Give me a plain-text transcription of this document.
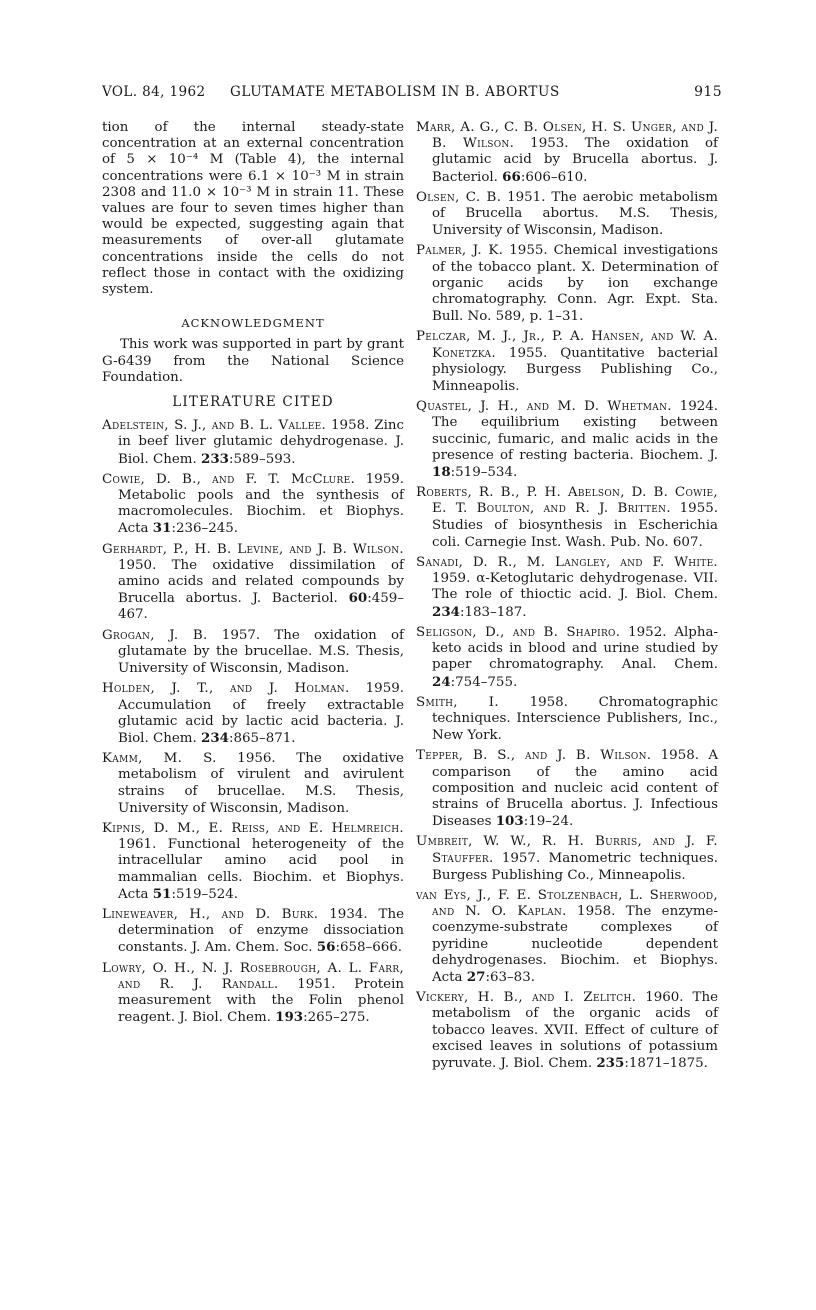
VOL. 84, 1962 GLUTAMATE METABOLISM IN B. ABORTUS	915

tion of the internal steady-state concentration at an external concentration of 5 × 10⁻⁴ M (Table 4), the internal concentrations were 6.1 × 10⁻³ M in strain 2308 and 11.0 × 10⁻³ M in strain 11. These values are four to seven times higher than would be expected, suggesting again that measurements of over-all glutamate concentrations inside the cells do not reflect those in contact with the oxidizing system.

ACKNOWLEDGMENT

This work was supported in part by grant G-6439 from the National Science Foundation.

LITERATURE CITED

Adelstein, S. J., and B. L. Vallee. 1958. Zinc in beef liver glutamic dehydrogenase. J. Biol. Chem. 233:589–593.

Cowie, D. B., and F. T. McClure. 1959. Metabolic pools and the synthesis of macromolecules. Biochim. et Biophys. Acta 31:236–245.

Gerhardt, P., H. B. Levine, and J. B. Wilson. 1950. The oxidative dissimilation of amino acids and related compounds by Brucella abortus. J. Bacteriol. 60:459–467.

Grogan, J. B. 1957. The oxidation of glutamate by the brucellae. M.S. Thesis, University of Wisconsin, Madison.

Holden, J. T., and J. Holman. 1959. Accumulation of freely extractable glutamic acid by lactic acid bacteria. J. Biol. Chem. 234:865–871.

Kamm, M. S. 1956. The oxidative metabolism of virulent and avirulent strains of brucellae. M.S. Thesis, University of Wisconsin, Madison.

Kipnis, D. M., E. Reiss, and E. Helmreich. 1961. Functional heterogeneity of the intracellular amino acid pool in mammalian cells. Biochim. et Biophys. Acta 51:519–524.

Lineweaver, H., and D. Burk. 1934. The determination of enzyme dissociation constants. J. Am. Chem. Soc. 56:658–666.

Lowry, O. H., N. J. Rosebrough, A. L. Farr, and R. J. Randall. 1951. Protein measurement with the Folin phenol reagent. J. Biol. Chem. 193:265–275.

Marr, A. G., C. B. Olsen, H. S. Unger, and J. B. Wilson. 1953. The oxidation of glutamic acid by Brucella abortus. J. Bacteriol. 66:606–610.

Olsen, C. B. 1951. The aerobic metabolism of Brucella abortus. M.S. Thesis, University of Wisconsin, Madison.

Palmer, J. K. 1955. Chemical investigations of the tobacco plant. X. Determination of organic acids by ion exchange chromatography. Conn. Agr. Expt. Sta. Bull. No. 589, p. 1–31.

Pelczar, M. J., Jr., P. A. Hansen, and W. A. Konetzka. 1955. Quantitative bacterial physiology. Burgess Publishing Co., Minneapolis.

Quastel, J. H., and M. D. Whetman. 1924. The equilibrium existing between succinic, fumaric, and malic acids in the presence of resting bacteria. Biochem. J. 18:519–534.

Roberts, R. B., P. H. Abelson, D. B. Cowie, E. T. Boulton, and R. J. Britten. 1955. Studies of biosynthesis in Escherichia coli. Carnegie Inst. Wash. Pub. No. 607.

Sanadi, D. R., M. Langley, and F. White. 1959. α-Ketoglutaric dehydrogenase. VII. The role of thioctic acid. J. Biol. Chem. 234:183–187.

Seligson, D., and B. Shapiro. 1952. Alpha-keto acids in blood and urine studied by paper chromatography. Anal. Chem. 24:754–755.

Smith, I. 1958. Chromatographic techniques. Interscience Publishers, Inc., New York.

Tepper, B. S., and J. B. Wilson. 1958. A comparison of the amino acid composition and nucleic acid content of strains of Brucella abortus. J. Infectious Diseases 103:19–24.

Umbreit, W. W., R. H. Burris, and J. F. Stauffer. 1957. Manometric techniques. Burgess Publishing Co., Minneapolis.

van Eys, J., F. E. Stolzenbach, L. Sherwood, and N. O. Kaplan. 1958. The enzyme-coenzyme-substrate complexes of pyridine nucleotide dependent dehydrogenases. Biochim. et Biophys. Acta 27:63–83.

Vickery, H. B., and I. Zelitch. 1960. The metabolism of the organic acids of tobacco leaves. XVII. Effect of culture of excised leaves in solutions of potassium pyruvate. J. Biol. Chem. 235:1871–1875.
